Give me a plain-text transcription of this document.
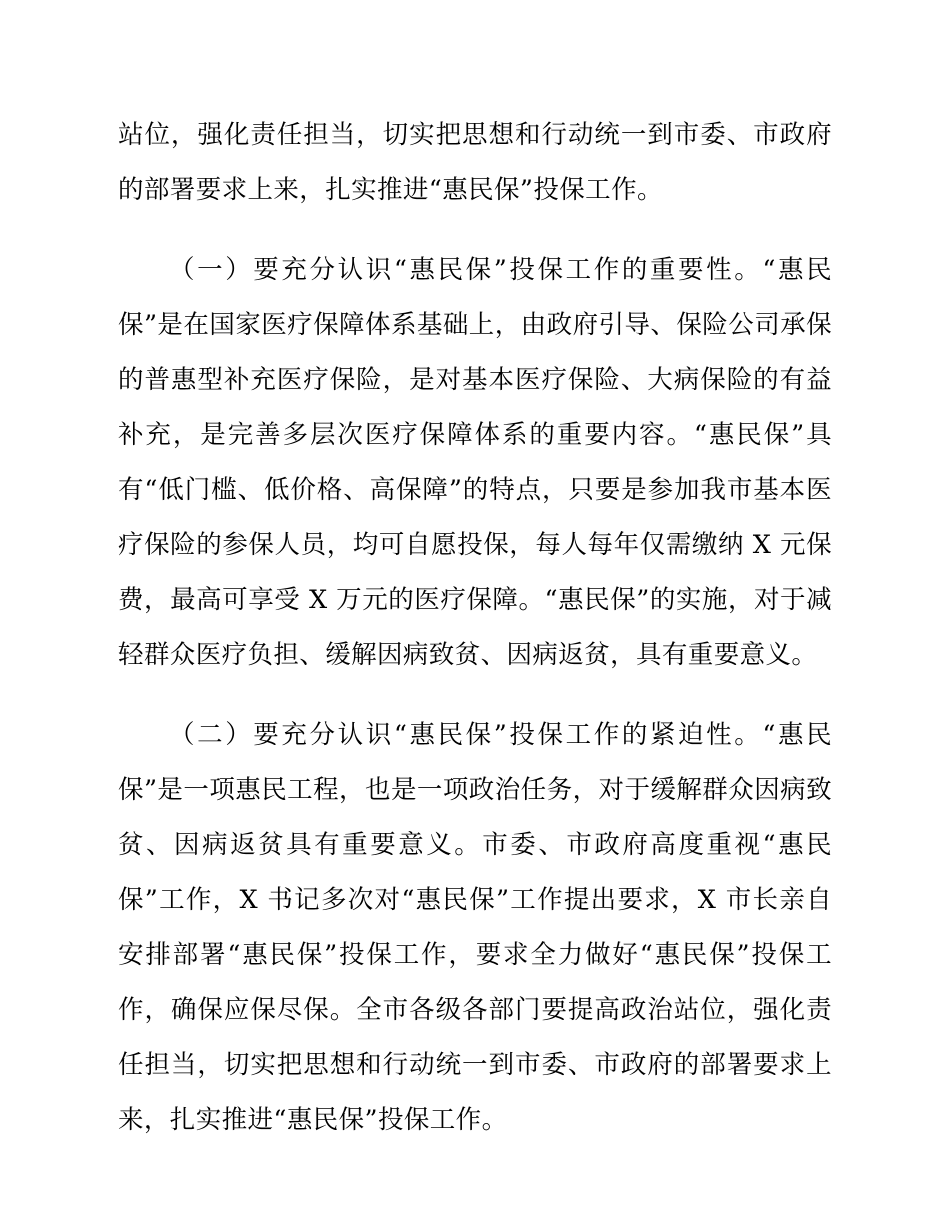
站位，强化责任担当，切实把思想和行动统一到市委、市政府的部署要求上来，扎实推进“惠民保”投保工作。

（一）要充分认识“惠民保”投保工作的重要性。“惠民保”是在国家医疗保障体系基础上，由政府引导、保险公司承保的普惠型补充医疗保险，是对基本医疗保险、大病保险的有益补充，是完善多层次医疗保障体系的重要内容。“惠民保”具有“低门槛、低价格、高保障”的特点，只要是参加我市基本医疗保险的参保人员，均可自愿投保，每人每年仅需缴纳 X 元保费，最高可享受 X 万元的医疗保障。“惠民保”的实施，对于减轻群众医疗负担、缓解因病致贫、因病返贫，具有重要意义。

（二）要充分认识“惠民保”投保工作的紧迫性。“惠民保”是一项惠民工程，也是一项政治任务，对于缓解群众因病致贫、因病返贫具有重要意义。市委、市政府高度重视“惠民保”工作，X 书记多次对“惠民保”工作提出要求，X 市长亲自安排部署“惠民保”投保工作，要求全力做好“惠民保”投保工作，确保应保尽保。全市各级各部门要提高政治站位，强化责任担当，切实把思想和行动统一到市委、市政府的部署要求上来，扎实推进“惠民保”投保工作。
